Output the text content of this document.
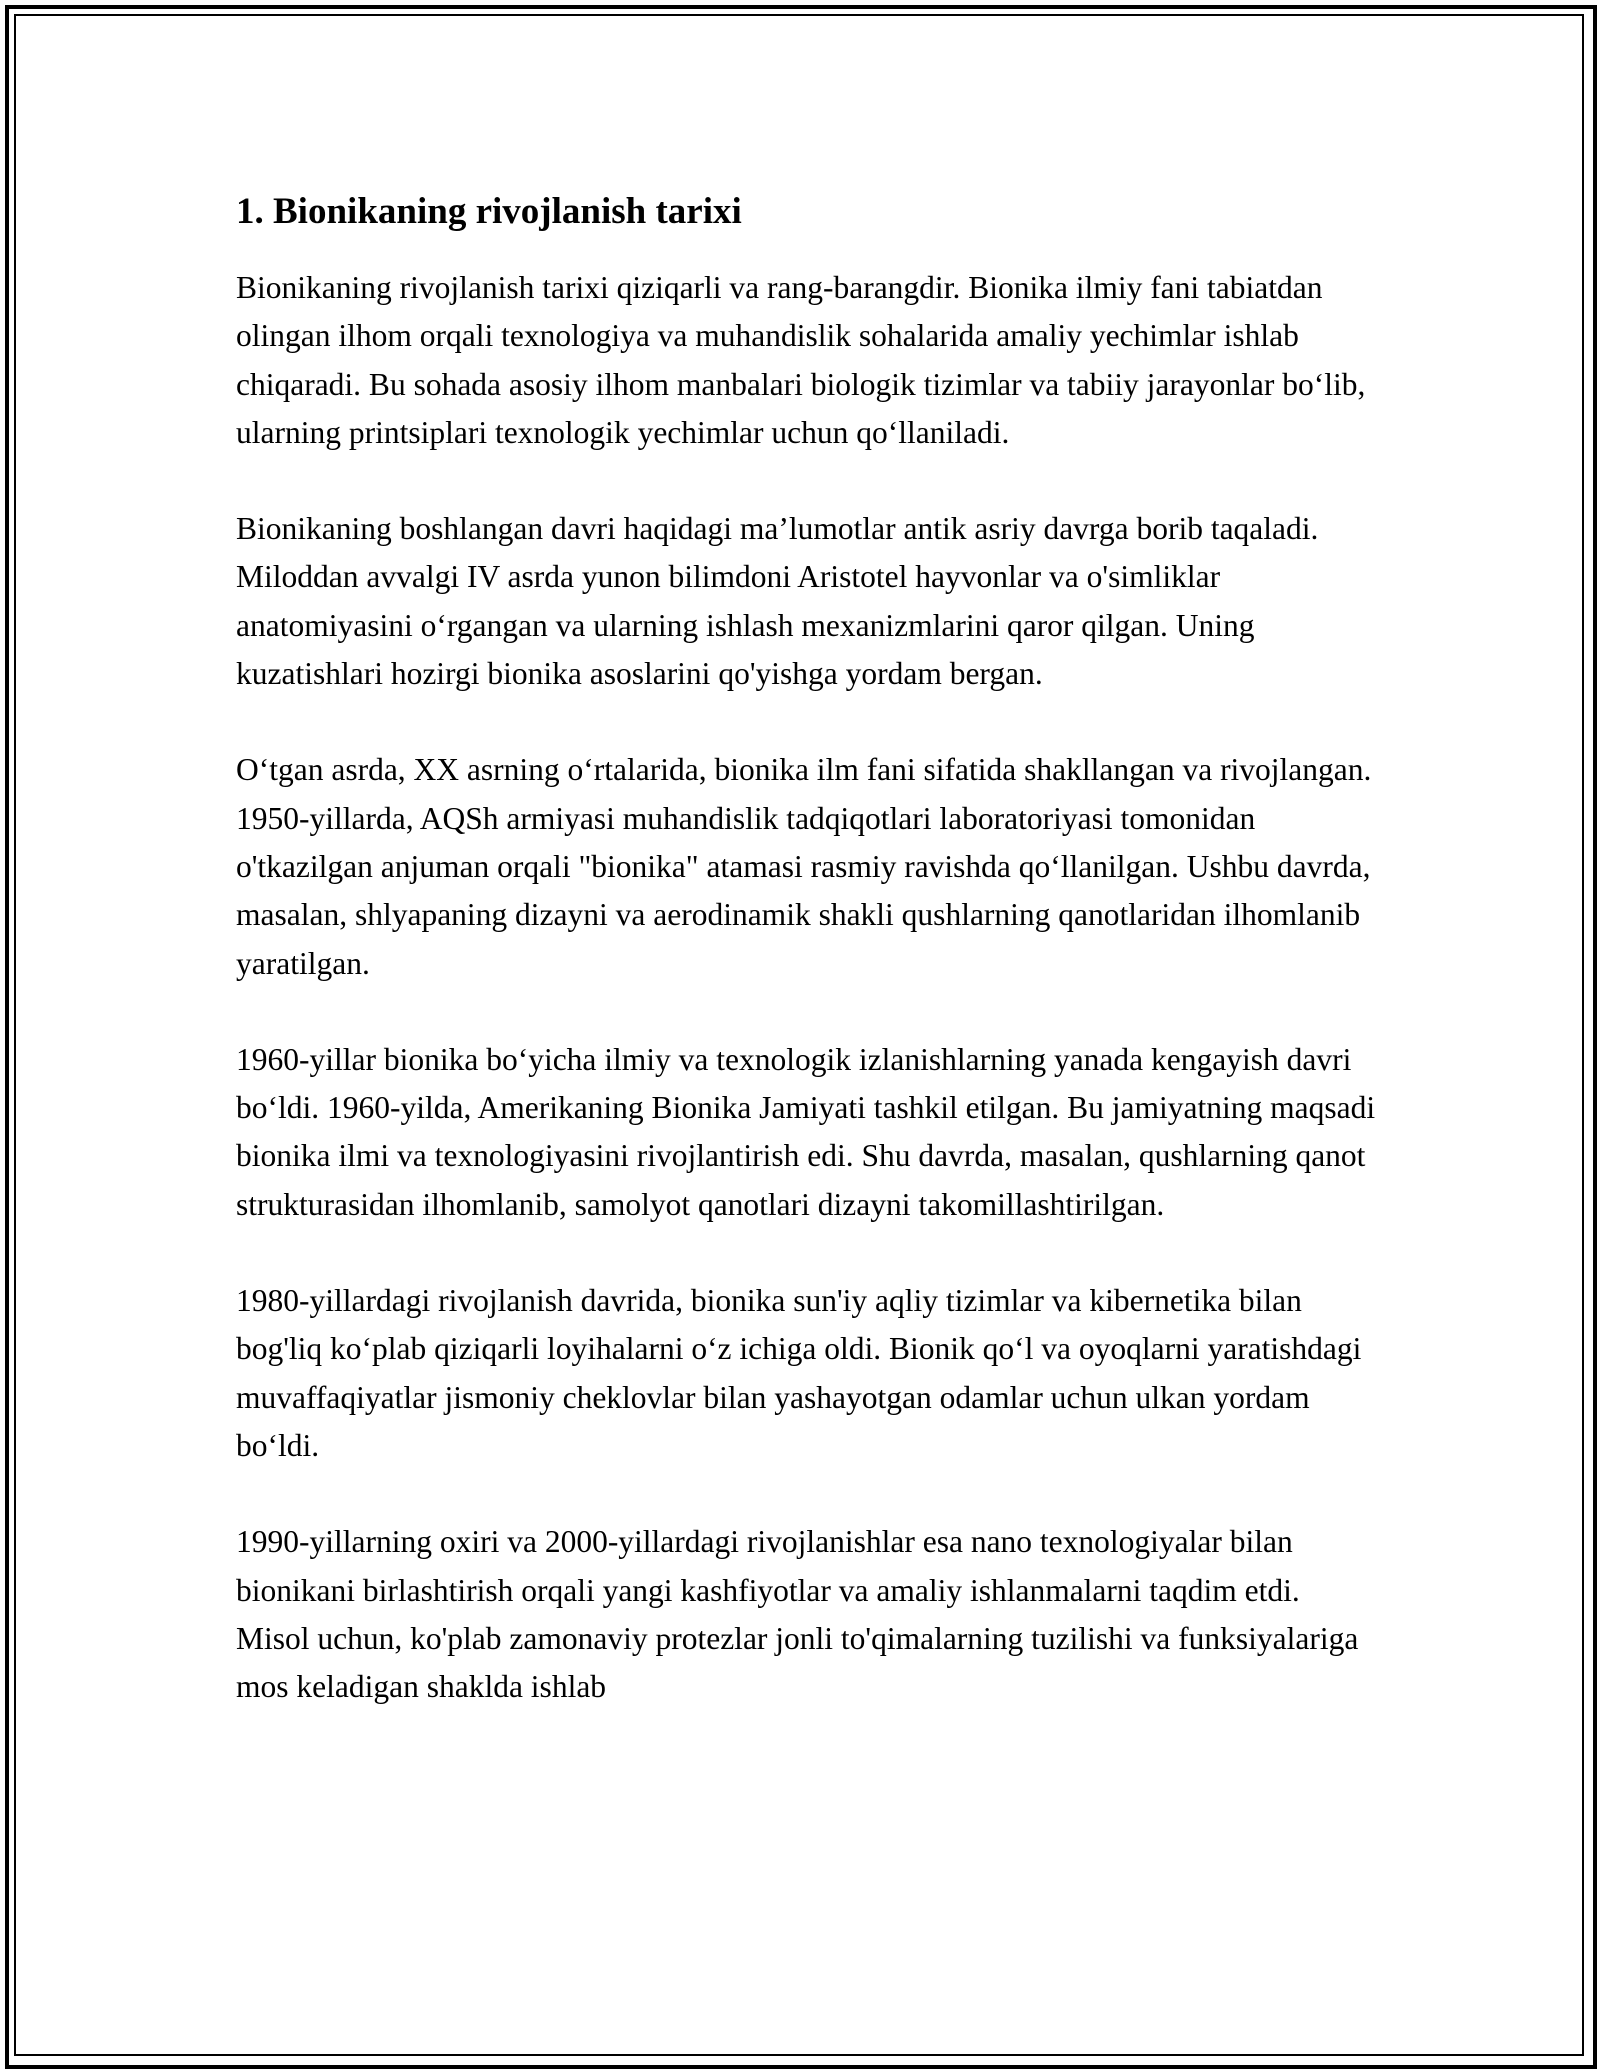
1. Bionikaning rivojlanish tarixi

Bionikaning rivojlanish tarixi qiziqarli va rang-barangdir. Bionika ilmiy fani tabiatdan olingan ilhom orqali texnologiya va muhandislik sohalarida amaliy yechimlar ishlab chiqaradi. Bu sohada asosiy ilhom manbalari biologik tizimlar va tabiiy jarayonlar bo‘lib, ularning printsiplari texnologik yechimlar uchun qo‘llaniladi.

Bionikaning boshlangan davri haqidagi ma’lumotlar antik asriy davrga borib taqaladi. Miloddan avvalgi IV asrda yunon bilimdoni Aristotel hayvonlar va o'simliklar anatomiyasini o‘rgangan va ularning ishlash mexanizmlarini qaror qilgan. Uning kuzatishlari hozirgi bionika asoslarini qo'yishga yordam bergan.

O‘tgan asrda, XX asrning o‘rtalarida, bionika ilm fani sifatida shakllangan va rivojlangan. 1950-yillarda, AQSh armiyasi muhandislik tadqiqotlari laboratoriyasi tomonidan o'tkazilgan anjuman orqali "bionika" atamasi rasmiy ravishda qo‘llanilgan. Ushbu davrda, masalan, shlyapaning dizayni va aerodinamik shakli qushlarning qanotlaridan ilhomlanib yaratilgan.

1960-yillar bionika bo‘yicha ilmiy va texnologik izlanishlarning yanada kengayish davri bo‘ldi. 1960-yilda, Amerikaning Bionika Jamiyati tashkil etilgan. Bu jamiyatning maqsadi bionika ilmi va texnologiyasini rivojlantirish edi. Shu davrda, masalan, qushlarning qanot strukturasidan ilhomlanib, samolyot qanotlari dizayni takomillashtirilgan.

1980-yillardagi rivojlanish davrida, bionika sun'iy aqliy tizimlar va kibernetika bilan bog'liq ko‘plab qiziqarli loyihalarni o‘z ichiga oldi. Bionik qo‘l va oyoqlarni yaratishdagi muvaffaqiyatlar jismoniy cheklovlar bilan yashayotgan odamlar uchun ulkan yordam bo‘ldi.

1990-yillarning oxiri va 2000-yillardagi rivojlanishlar esa nano texnologiyalar bilan bionikani birlashtirish orqali yangi kashfiyotlar va amaliy ishlanmalarni taqdim etdi. Misol uchun, ko'plab zamonaviy protezlar jonli to'qimalarning tuzilishi va funksiyalariga mos keladigan shaklda ishlab
